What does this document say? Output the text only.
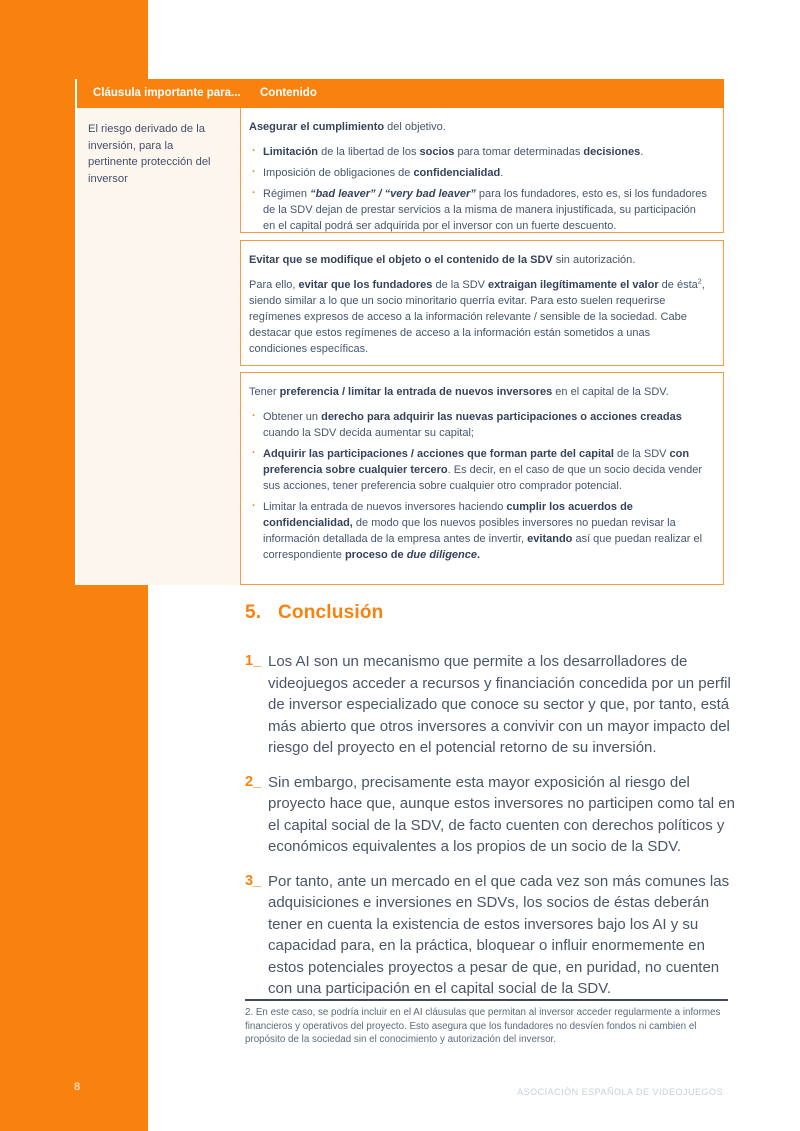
8
Cláusula importante para... Contenido
El riesgo derivado de la inversión, para la pertinente protección del inversor
Asegurar el cumplimiento del objetivo.
· Limitación de la libertad de los socios para tomar determinadas decisiones.
· Imposición de obligaciones de confidencialidad.
· Régimen “bad leaver” / “very bad leaver” para los fundadores, esto es, si los fundadores de la SDV dejan de prestar servicios a la misma de manera injustificada, su participación en el capital podrá ser adquirida por el inversor con un fuerte descuento.
Evitar que se modifique el objeto o el contenido de la SDV sin autorización.
Para ello, evitar que los fundadores de la SDV extraigan ilegítimamente el valor de ésta$^2$, siendo similar a lo que un socio minoritario querría evitar. Para esto suelen requerirse regímenes expresos de acceso a la información relevante / sensible de la sociedad. Cabe destacar que estos regímenes de acceso a la información están sometidos a unas condiciones específicas.
Tener preferencia / limitar la entrada de nuevos inversores en el capital de la SDV.
· Obtener un derecho para adquirir las nuevas participaciones o acciones creadas cuando la SDV decida aumentar su capital;
· Adquirir las participaciones / acciones que forman parte del capital de la SDV con preferencia sobre cualquier tercero. Es decir, en el caso de que un socio decida vender sus acciones, tener preferencia sobre cualquier otro comprador potencial.
· Limitar la entrada de nuevos inversores haciendo cumplir los acuerdos de confidencialidad, de modo que los nuevos posibles inversores no puedan revisar la información detallada de la empresa antes de invertir, evitando así que puedan realizar el correspondiente proceso de due diligence.
5. Conclusión
1_ Los AI son un mecanismo que permite a los desarrolladores de videojuegos acceder a recursos y financiación concedida por un perfil de inversor especializado que conoce su sector y que, por tanto, está más abierto que otros inversores a convivir con un mayor impacto del riesgo del proyecto en el potencial retorno de su inversión.
2_ Sin embargo, precisamente esta mayor exposición al riesgo del proyecto hace que, aunque estos inversores no participen como tal en el capital social de la SDV, de facto cuenten con derechos políticos y económicos equivalentes a los propios de un socio de la SDV.
3_ Por tanto, ante un mercado en el que cada vez son más comunes las adquisiciones e inversiones en SDVs, los socios de éstas deberán tener en cuenta la existencia de estos inversores bajo los AI y su capacidad para, en la práctica, bloquear o influir enormemente en estos potenciales proyectos a pesar de que, en puridad, no cuenten con una participación en el capital social de la SDV.
2. En este caso, se podría incluir en el AI cláusulas que permitan al inversor acceder regularmente a informes financieros y operativos del proyecto. Esto asegura que los fundadores no desvíen fondos ni cambien el propósito de la sociedad sin el conocimiento y autorización del inversor.
ASOCIACIÓN ESPAÑOLA DE VIDEOJUEGOS
